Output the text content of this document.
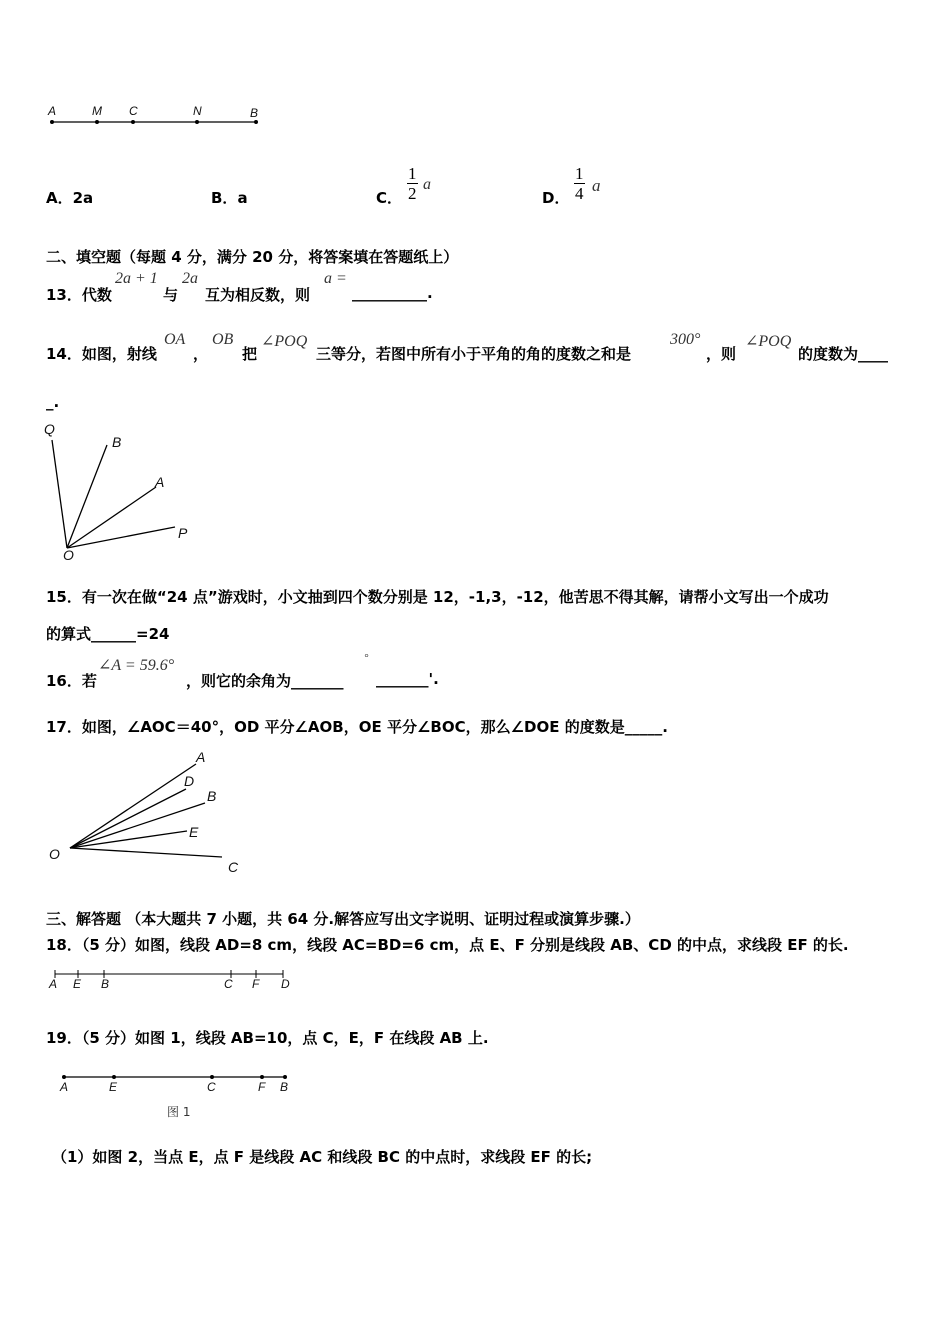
A	M C	N	B
A．2a	B．a	C． $\frac{1}{2}$ a
D． $\frac{1}{4}$ a
二、填空题（每题 4 分，满分 20 分，将答案填在答题纸上）
13．代数
2a + 1
与
2a
互为相反数，则
a =
__________.
14．如图，射线
OA
，
OB
把
∠POQ
三等分，若图中所有小于平角的角的度数之和是
300°
，则
∠POQ
的度数为____
_.
Q
B
A
P
O
15．有一次在做“24 点”游戏时，小文抽到四个数分别是 12，-1,3，-12，他苦思不得其解，请帮小文写出一个成功
的算式______=24
16．若
∠A = 59.6°
，则它的余角为_______
°
_______'.
17．如图，∠AOC＝40°，OD 平分∠AOB，OE 平分∠BOC，那么∠DOE 的度数是_____.
A
D
B
E
O
C
三、解答题 （本大题共 7 小题，共 64 分.解答应写出文字说明、证明过程或演算步骤.）
18．（5 分）如图，线段 AD=8 cm，线段 AC=BD=6 cm，点 E、F 分别是线段 AB、CD 的中点，求线段 EF 的长.
A E B	C F D
19．（5 分）如图 1，线段 AB=10，点 C，E，F 在线段 AB 上.
A	E	C	F B
图 1
（1）如图 2，当点 E，点 F 是线段 AC 和线段 BC 的中点时，求线段 EF 的长;
